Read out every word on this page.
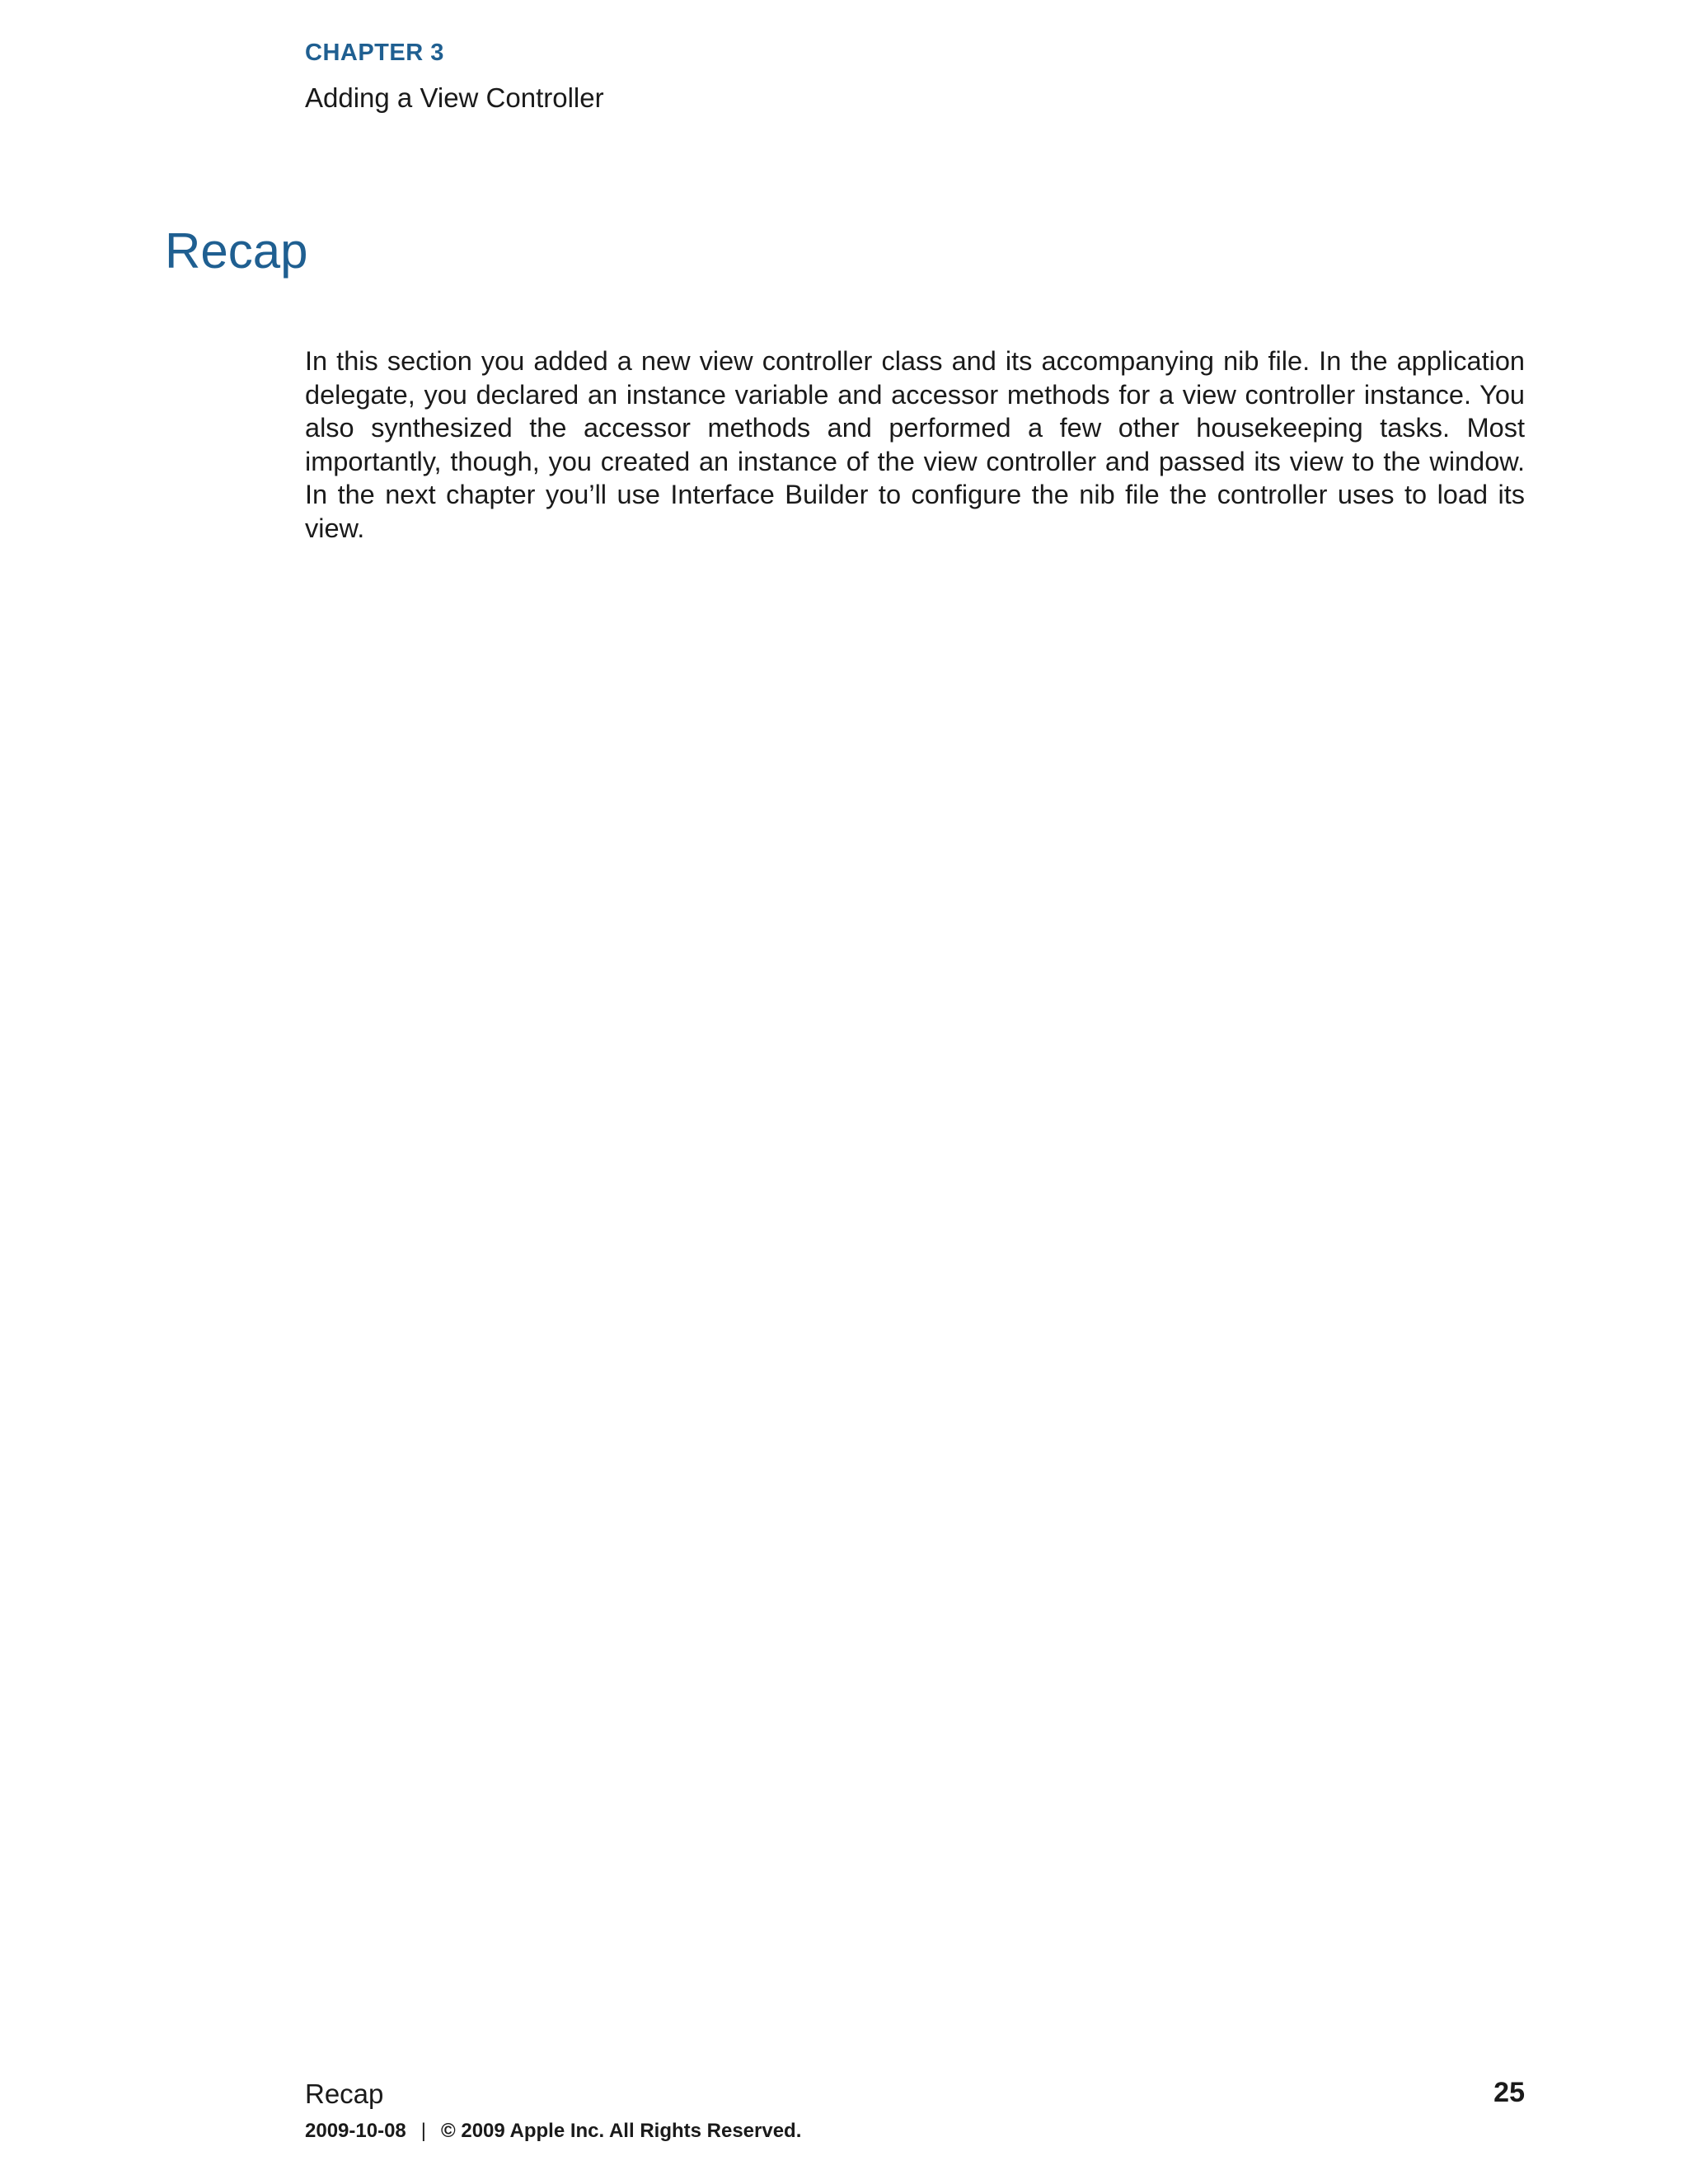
CHAPTER 3
Adding a View Controller
Recap

In this section you added a new view controller class and its accompanying nib file. In the application delegate, you declared an instance variable and accessor methods for a view controller instance. You also synthesized the accessor methods and performed a few other housekeeping tasks. Most importantly, though, you created an instance of the view controller and passed its view to the window. In the next chapter you’ll use Interface Builder to configure the nib file the controller uses to load its view.

Recap	25
2009-10-08 | © 2009 Apple Inc. All Rights Reserved.
